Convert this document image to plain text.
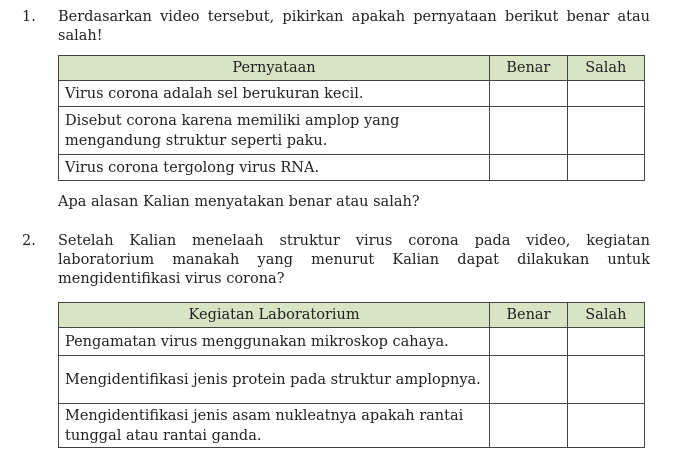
1.	Berdasarkan video tersebut, pikirkan apakah pernyataan berikut benar atau salah!
Pernyataan	Benar	Salah
Virus corona adalah sel berukuran kecil.		
Disebut corona karena memiliki amplop yang mengandung struktur seperti paku.		
Virus corona tergolong virus RNA.		
Apa alasan Kalian menyatakan benar atau salah?
2.	Setelah Kalian menelaah struktur virus corona pada video, kegiatan laboratorium manakah yang menurut Kalian dapat dilakukan untuk mengidentifikasi virus corona?
Kegiatan Laboratorium	Benar	Salah
Pengamatan virus menggunakan mikroskop cahaya.		
Mengidentifikasi jenis protein pada struktur amplopnya.		
Mengidentifikasi jenis asam nukleatnya apakah rantai tunggal atau rantai ganda.		
